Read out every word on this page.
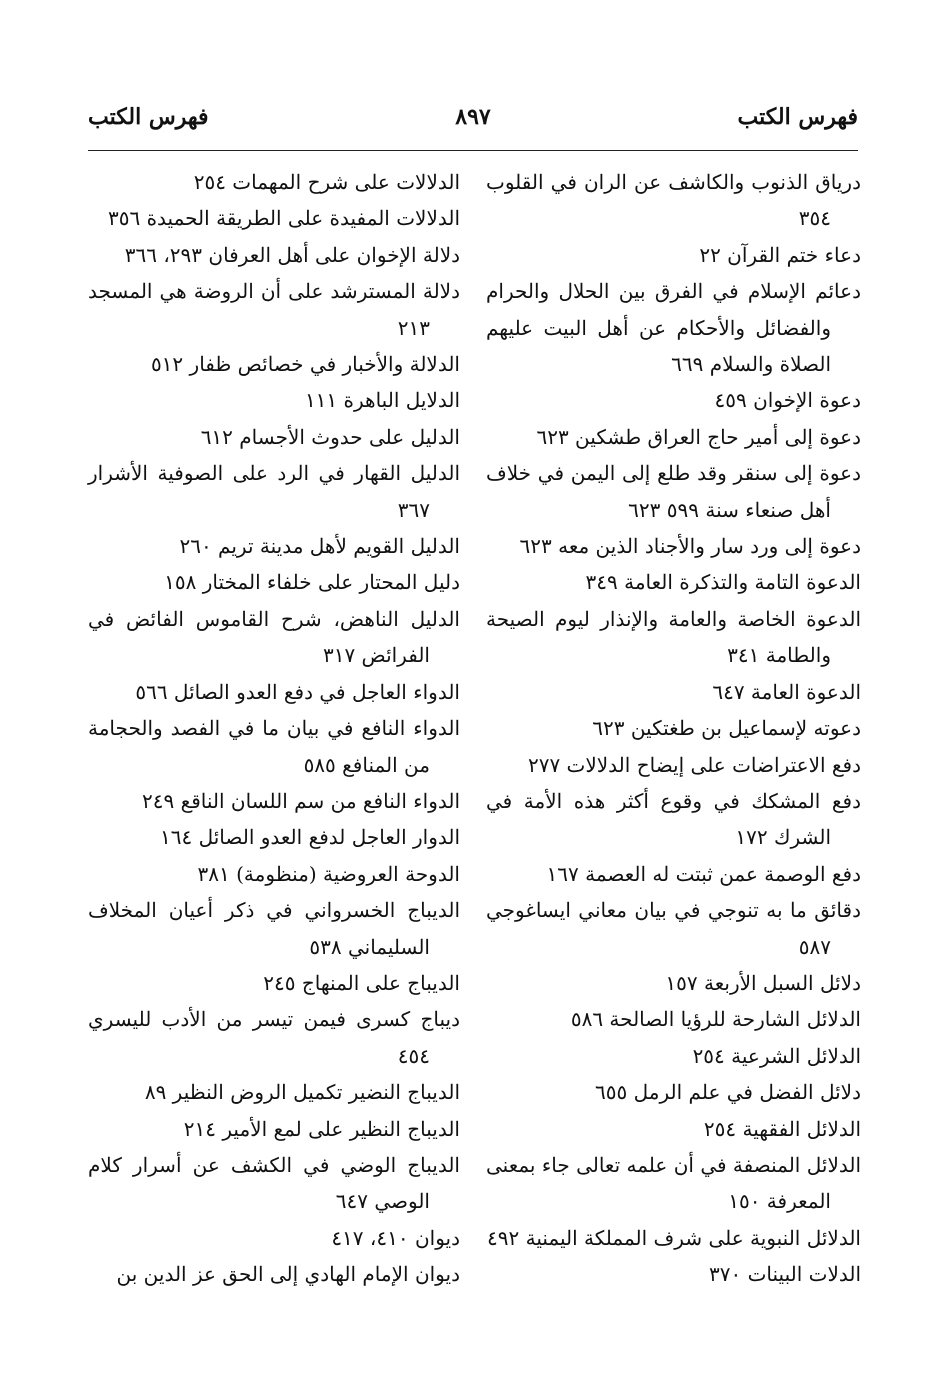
فهرس الكتب
٨٩٧
فهرس الكتب
درياق الذنوب والكاشف عن الران في القلوب ٣٥٤
دعاء ختم القرآن ٢٢
دعائم الإسلام في الفرق بين الحلال والحرام والفضائل والأحكام عن أهل البيت عليهم الصلاة والسلام ٦٦٩
دعوة الإخوان ٤٥٩
دعوة إلى أمير حاج العراق طشكين ٦٢٣
دعوة إلى سنقر وقد طلع إلى اليمن في خلاف أهل صنعاء سنة ٥٩٩ ٦٢٣
دعوة إلى ورد سار والأجناد الذين معه ٦٢٣
الدعوة التامة والتذكرة العامة ٣٤٩
الدعوة الخاصة والعامة والإنذار ليوم الصيحة والطامة ٣٤١
الدعوة العامة ٦٤٧
دعوته لإسماعيل بن طغتكين ٦٢٣
دفع الاعتراضات على إيضاح الدلالات ٢٧٧
دفع المشكك في وقوع أكثر هذه الأمة في الشرك ١٧٢
دفع الوصمة عمن ثبتت له العصمة ١٦٧
دقائق ما به تنوجي في بيان معاني ايساغوجي ٥٨٧
دلائل السبل الأربعة ١٥٧
الدلائل الشارحة للرؤيا الصالحة ٥٨٦
الدلائل الشرعية ٢٥٤
دلائل الفضل في علم الرمل ٦٥٥
الدلائل الفقهية ٢٥٤
الدلائل المنصفة في أن علمه تعالى جاء بمعنى المعرفة ١٥٠
الدلائل النبوية على شرف المملكة اليمنية ٤٩٢
الدلات البينات ٣٧٠
الدلالات على شرح المهمات ٢٥٤
الدلالات المفيدة على الطريقة الحميدة ٣٥٦
دلالة الإخوان على أهل العرفان ٢٩٣، ٣٦٦
دلالة المسترشد على أن الروضة هي المسجد ٢١٣
الدلالة والأخبار في خصائص ظفار ٥١٢
الدلايل الباهرة ١١١
الدليل على حدوث الأجسام ٦١٢
الدليل القهار في الرد على الصوفية الأشرار ٣٦٧
الدليل القويم لأهل مدينة تريم ٢٦٠
دليل المحتار على خلفاء المختار ١٥٨
الدليل الناهض، شرح القاموس الفائض في الفرائض ٣١٧
الدواء العاجل في دفع العدو الصائل ٥٦٦
الدواء النافع في بيان ما في الفصد والحجامة من المنافع ٥٨٥
الدواء النافع من سم اللسان الناقع ٢٤٩
الدوار العاجل لدفع العدو الصائل ١٦٤
الدوحة العروضية (منظومة) ٣٨١
الديباج الخسرواني في ذكر أعيان المخلاف السليماني ٥٣٨
الديباج على المنهاج ٢٤٥
ديباج كسرى فيمن تيسر من الأدب لليسري ٤٥٤
الديباج النضير تكميل الروض النظير ٨٩
الديباج النظير على لمع الأمير ٢١٤
الديباج الوضي في الكشف عن أسرار كلام الوصي ٦٤٧
ديوان ٤١٠، ٤١٧
ديوان الإمام الهادي إلى الحق عز الدين بن
